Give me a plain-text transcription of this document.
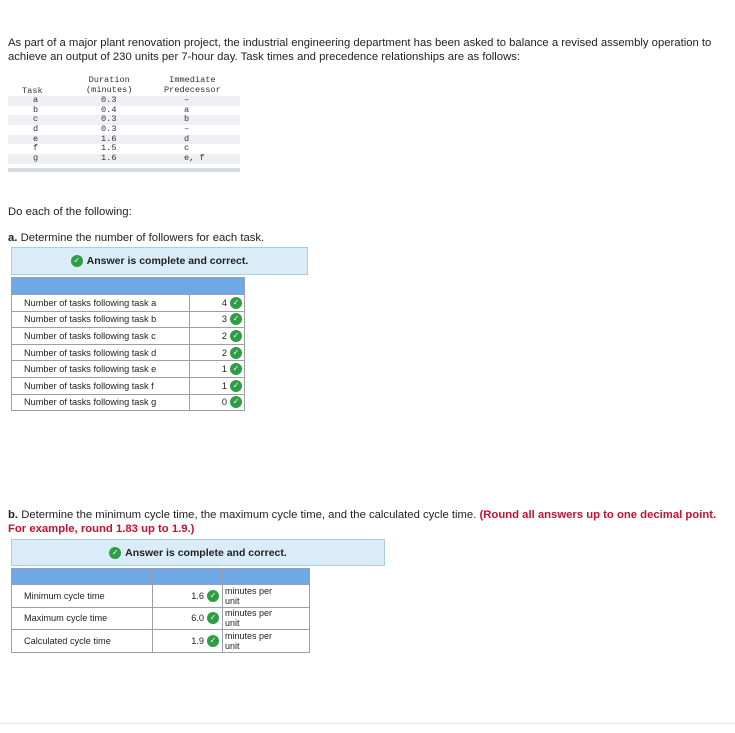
As part of a major plant renovation project, the industrial engineering department has been asked to balance a revised assembly operation to achieve an output of 230 units per 7-hour day. Task times and precedence relationships are as follows:
Task
Duration
(minutes)
Immediate
Predecessor
a	0.3	–
b	0.4	a
c	0.3	b
d	0.3	–
e	1.6	d
f	1.5	c
g	1.6	e, f
Do each of the following:
a. Determine the number of followers for each task.
✓ Answer is complete and correct.

Number of tasks following task a	4 ✓
Number of tasks following task b	3 ✓
Number of tasks following task c	2 ✓
Number of tasks following task d	2 ✓
Number of tasks following task e	1 ✓
Number of tasks following task f	1 ✓
Number of tasks following task g	0 ✓
b. Determine the minimum cycle time, the maximum cycle time, and the calculated cycle time. (Round all answers up to one decimal point. For example, round 1.83 up to 1.9.)
✓ Answer is complete and correct.

Minimum cycle time	1.6 ✓	minutes per
unit
Maximum cycle time	6.0 ✓	minutes per
unit
Calculated cycle time	1.9 ✓	minutes per
unit
